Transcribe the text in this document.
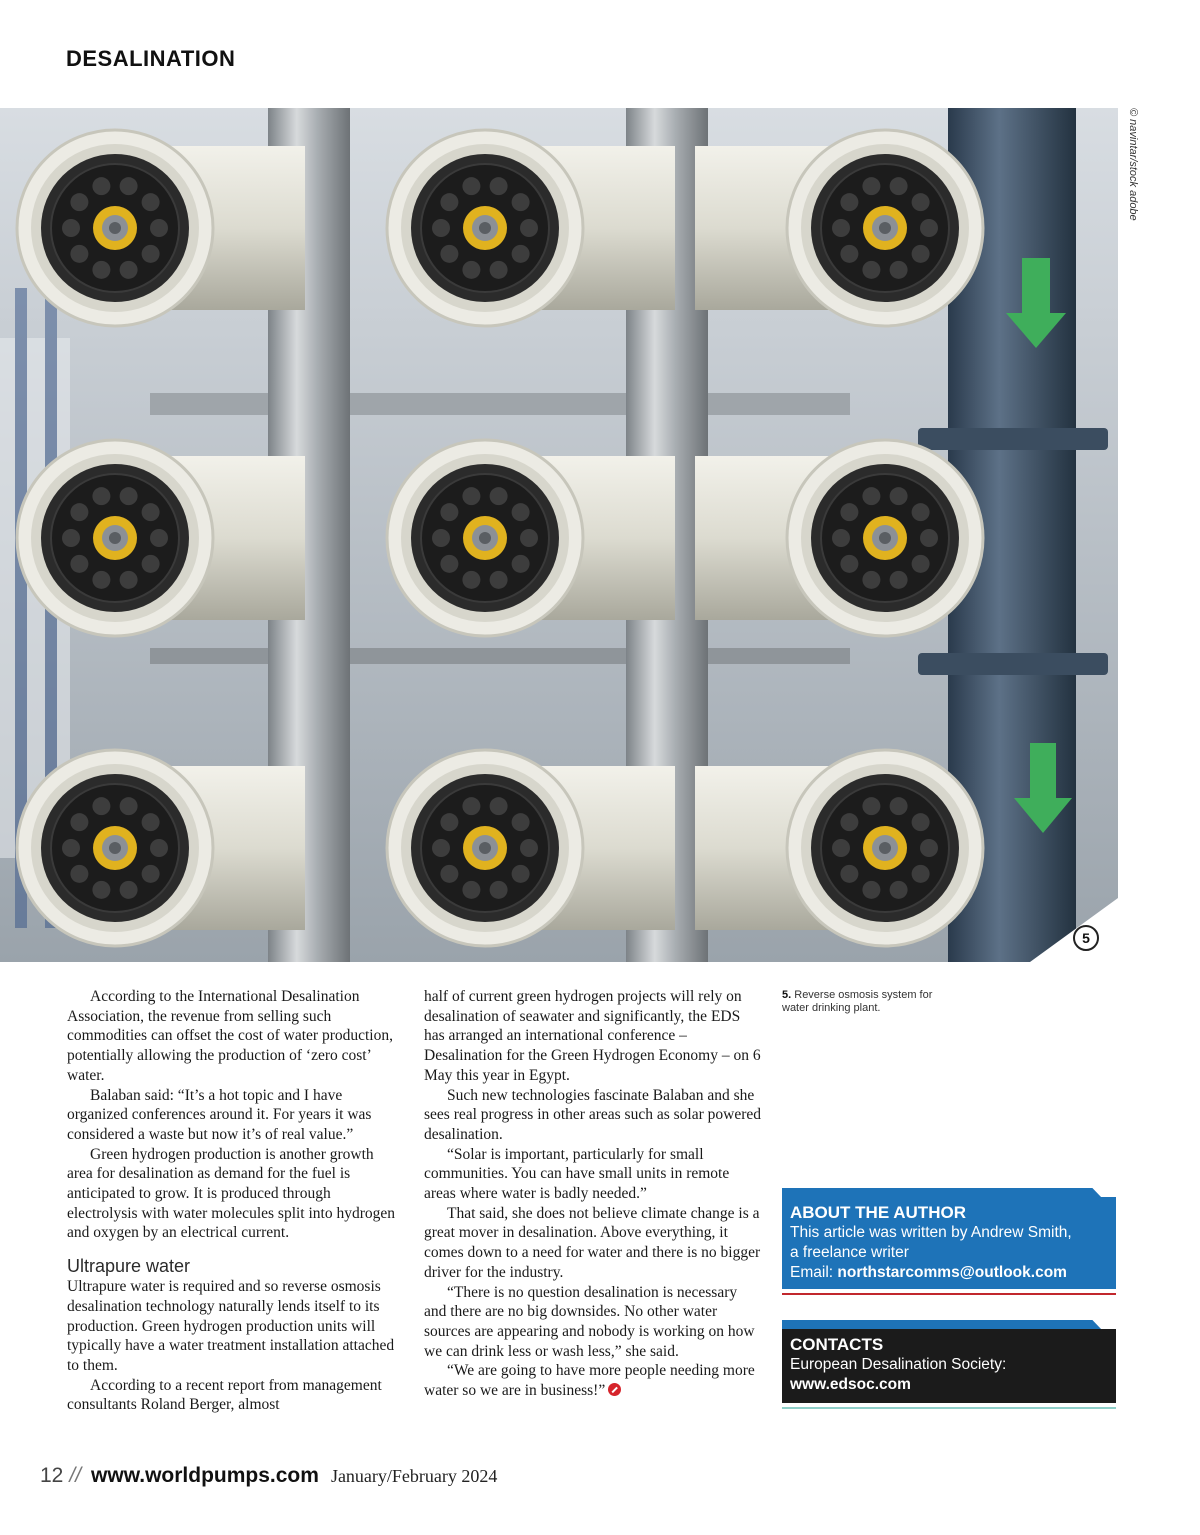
DESALINATION
© navintar/stock adobe
5

According to the International Desalination Association, the revenue from selling such commodities can offset the cost of water production, potentially allowing the production of ‘zero cost’ water.

Balaban said: “It’s a hot topic and I have organized conferences around it. For years it was considered a waste but now it’s of real value.”

Green hydrogen production is another growth area for desalination as demand for the fuel is anticipated to grow. It is produced through electrolysis with water molecules split into hydrogen and oxygen by an electrical current.

Ultrapure water

Ultrapure water is required and so reverse osmosis desalination technology naturally lends itself to its production. Green hydrogen production units will typically have a water treatment installation attached to them.

According to a recent report from management consultants Roland Berger, almost

half of current green hydrogen projects will rely on desalination of seawater and significantly, the EDS has arranged an international conference – Desalination for the Green Hydrogen Economy – on 6 May this year in Egypt.

Such new technologies fascinate Balaban and she sees real progress in other areas such as solar powered desalination.

“Solar is important, particularly for small communities. You can have small units in remote areas where water is badly needed.”

That said, she does not believe climate change is a great mover in desalination. Above everything, it comes down to a need for water and there is no bigger driver for the industry.

“There is no question desalination is necessary and there are no big downsides. No other water sources are appearing and nobody is working on how we can drink less or wash less,” she said.

“We are going to have more people needing more water so we are in business!”

5. Reverse osmosis system for water drinking plant.
ABOUT THE AUTHOR
This article was written by Andrew Smith,
a freelance writer
Email: northstarcomms@outlook.com
CONTACTS
European Desalination Society:
www.edsoc.com
12 // www.worldpumps.com January/February 2024
